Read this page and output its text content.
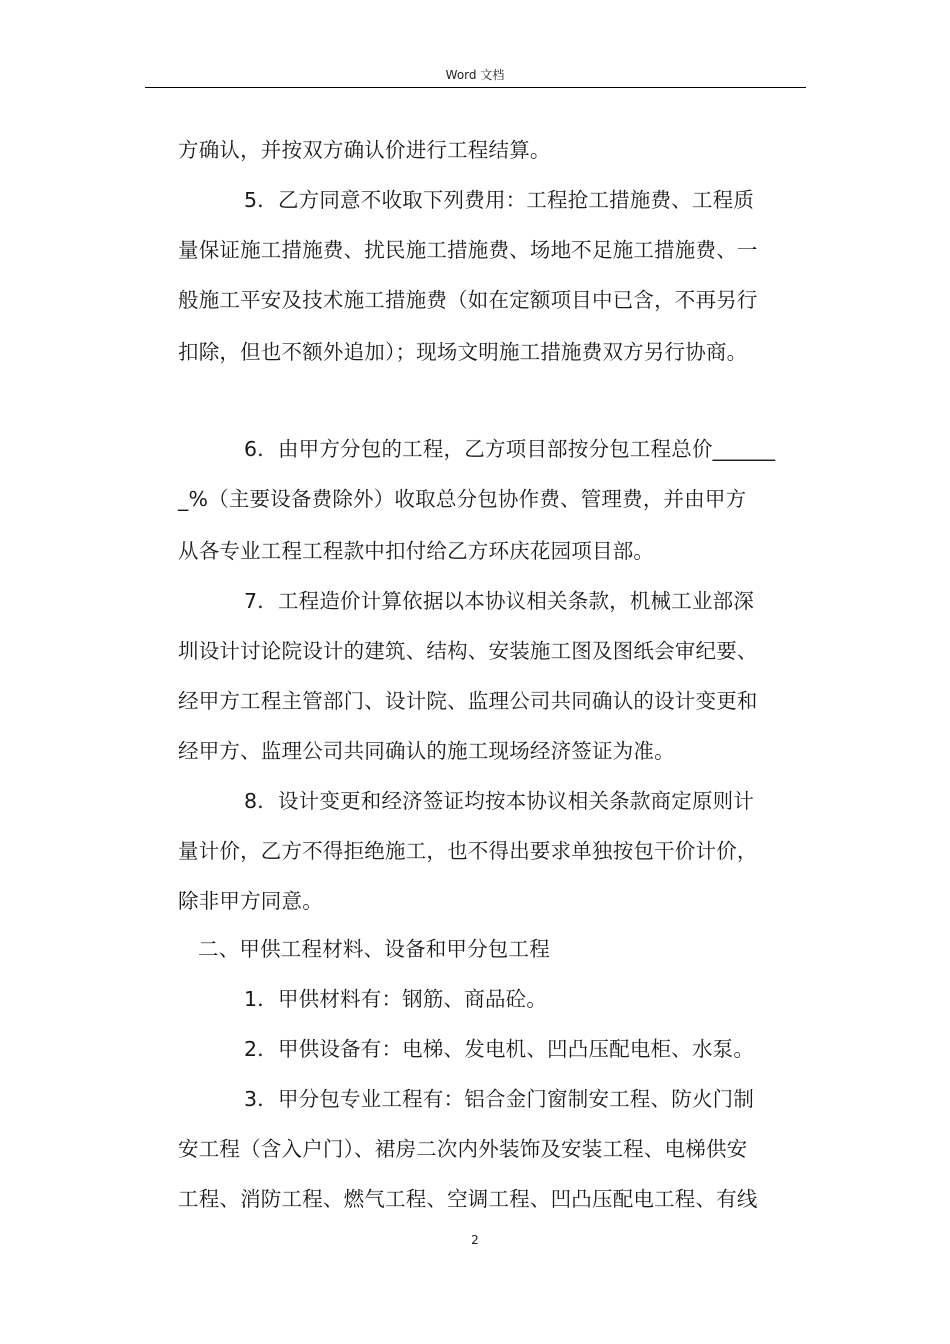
Word 文档
方确认，并按双方确认价进行工程结算。
5．乙方同意不收取下列费用：工程抢工措施费、工程质
量保证施工措施费、扰民施工措施费、场地不足施工措施费、一
般施工平安及技术施工措施费（如在定额项目中已含，不再另行
扣除，但也不额外追加）；现场文明施工措施费双方另行协商。
6．由甲方分包的工程，乙方项目部按分包工程总价______
_%（主要设备费除外）收取总分包协作费、管理费，并由甲方
从各专业工程工程款中扣付给乙方环庆花园项目部。
7．工程造价计算依据以本协议相关条款，机械工业部深
圳设计讨论院设计的建筑、结构、安装施工图及图纸会审纪要、
经甲方工程主管部门、设计院、监理公司共同确认的设计变更和
经甲方、监理公司共同确认的施工现场经济签证为准。
8．设计变更和经济签证均按本协议相关条款商定原则计
量计价，乙方不得拒绝施工，也不得出要求单独按包干价计价，
除非甲方同意。
二、甲供工程材料、设备和甲分包工程
1．甲供材料有：钢筋、商品砼。
2．甲供设备有：电梯、发电机、凹凸压配电柜、水泵。
3．甲分包专业工程有：铝合金门窗制安工程、防火门制
安工程（含入户门）、裙房二次内外装饰及安装工程、电梯供安
工程、消防工程、燃气工程、空调工程、凹凸压配电工程、有线
2
